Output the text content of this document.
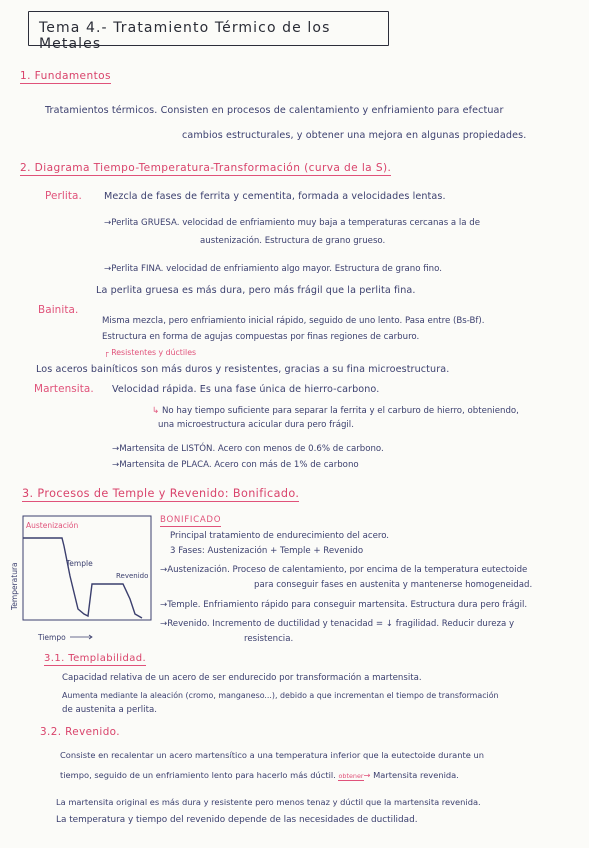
Tema 4.- Tratamiento Térmico de los Metales
1. Fundamentos
Tratamientos térmicos. Consisten en procesos de calentamiento y enfriamiento para efectuar
cambios estructurales, y obtener una mejora en algunas propiedades.
2. Diagrama Tiempo-Temperatura-Transformación (curva de la S).
Perlita. Mezcla de fases de ferrita y cementita, formada a velocidades lentas.
→Perlita GRUESA. velocidad de enfriamiento muy baja a temperaturas cercanas a la de
austenización. Estructura de grano grueso.
→Perlita FINA. velocidad de enfriamiento algo mayor. Estructura de grano fino.
La perlita gruesa es más dura, pero más frágil que la perlita fina.
Bainita.
Misma mezcla, pero enfriamiento inicial rápido, seguido de uno lento. Pasa entre (Bs-Bf).
Estructura en forma de agujas compuestas por finas regiones de carburo.
┌ Resistentes y dúctiles
Los aceros bainíticos son más duros y resistentes, gracias a su fina microestructura.
Martensita. Velocidad rápida. Es una fase única de hierro-carbono.
↳ No hay tiempo suficiente para separar la ferrita y el carburo de hierro, obteniendo,
una microestructura acicular dura pero frágil.
→Martensita de LISTÓN. Acero con menos de 0.6% de carbono.
→Martensita de PLACA. Acero con más de 1% de carbono
3. Procesos de Temple y Revenido: Bonificado.
Austenización
Temple
Revenido
Temperatura
Tiempo
BONIFICADO
Principal tratamiento de endurecimiento del acero.
3 Fases: Austenización + Temple + Revenido
→Austenización. Proceso de calentamiento, por encima de la temperatura eutectoide
para conseguir fases en austenita y mantenerse homogeneidad.
→Temple. Enfriamiento rápido para conseguir martensita. Estructura dura pero frágil.
→Revenido. Incremento de ductilidad y tenacidad = ↓ fragilidad. Reducir dureza y
resistencia.
3.1. Templabilidad.
Capacidad relativa de un acero de ser endurecido por transformación a martensita.
Aumenta mediante la aleación (cromo, manganeso...), debido a que incrementan el tiempo de transformación
de austenita a perlita.
3.2. Revenido.
Consiste en recalentar un acero martensítico a una temperatura inferior que la eutectoide durante un
tiempo, seguido de un enfriamiento lento para hacerlo más dúctil. obtener→ Martensita revenida.
La martensita original es más dura y resistente pero menos tenaz y dúctil que la martensita revenida.
La temperatura y tiempo del revenido depende de las necesidades de ductilidad.
